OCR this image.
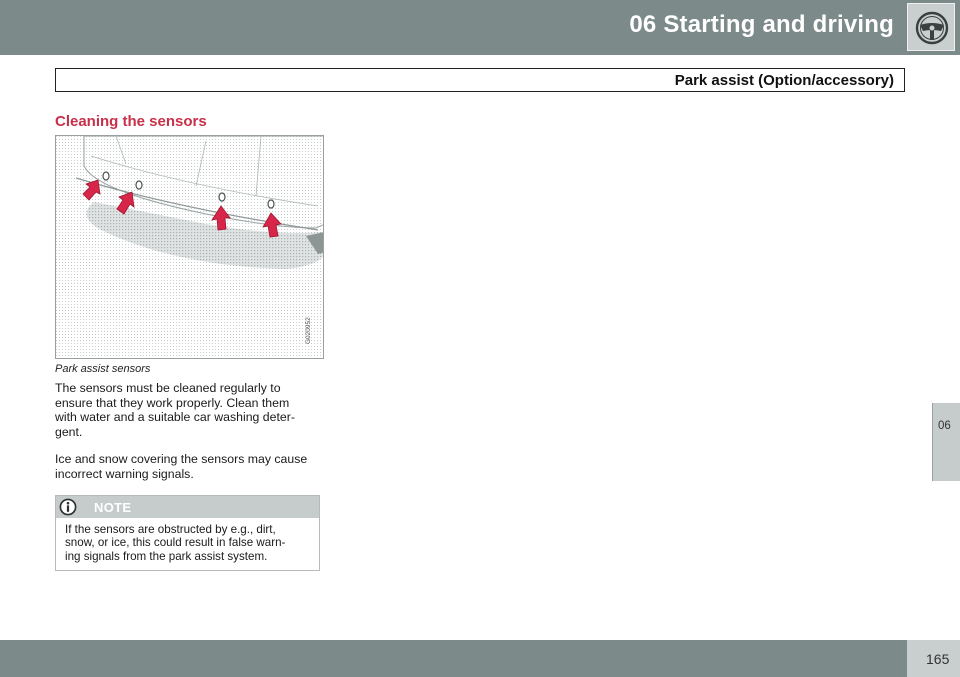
06 Starting and driving
Park assist (Option/accessory)
Cleaning the sensors
G020952
Park assist sensors
The sensors must be cleaned regularly to
ensure that they work properly. Clean them
with water and a suitable car washing deter-
gent.
Ice and snow covering the sensors may cause
incorrect warning signals.
NOTE
If the sensors are obstructed by e.g., dirt,
snow, or ice, this could result in false warn-
ing signals from the park assist system.
06
165
